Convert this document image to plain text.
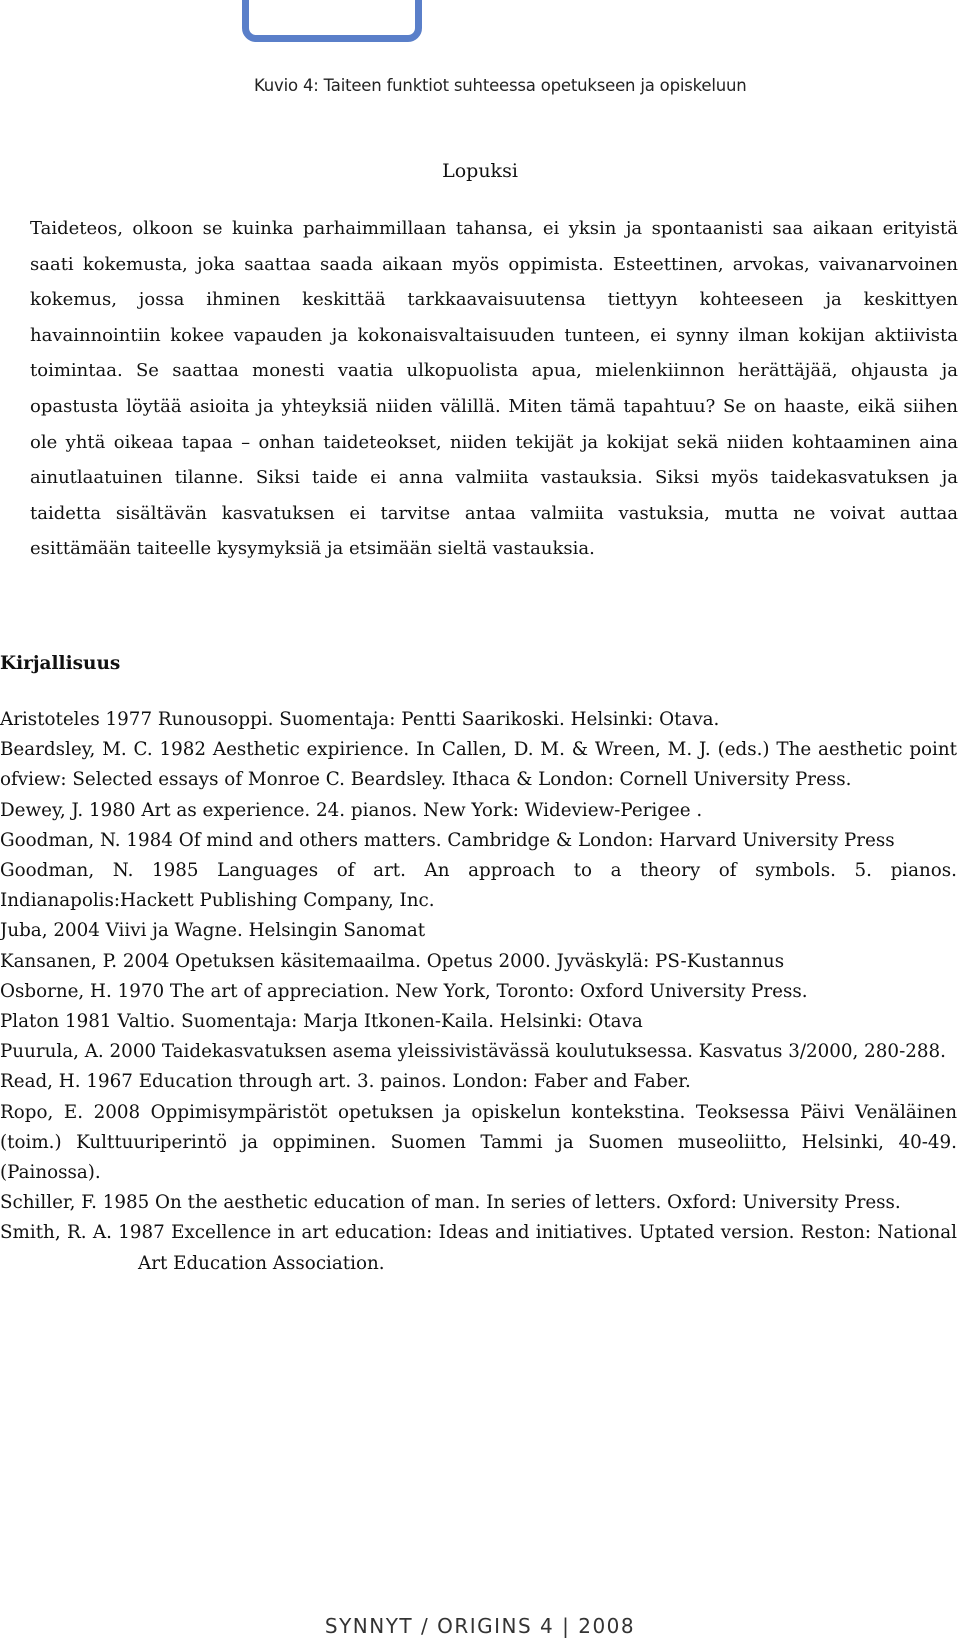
Kuvio 4: Taiteen funktiot suhteessa opetukseen ja opiskeluun
Lopuksi

Taideteos, olkoon se kuinka parhaimmillaan tahansa, ei yksin ja spontaanisti saa aikaan erityistä saati kokemusta, joka saattaa saada aikaan myös oppimista. Esteettinen, arvokas, vaivanarvoinen kokemus, jossa ihminen keskittää tarkkaavaisuutensa tiettyyn kohteeseen ja keskittyen havainnointiin kokee vapauden ja kokonaisvaltaisuuden tunteen, ei synny ilman kokijan aktiivista toimintaa. Se saattaa monesti vaatia ulkopuolista apua, mielenkiinnon herättäjää, ohjausta ja opastusta löytää asioita ja yhteyksiä niiden välillä. Miten tämä tapahtuu? Se on haaste, eikä siihen ole yhtä oikeaa tapaa – onhan taideteokset, niiden tekijät ja kokijat sekä niiden kohtaaminen aina ainutlaatuinen tilanne. Siksi taide ei anna valmiita vastauksia. Siksi myös taidekasvatuksen ja taidetta sisältävän kasvatuksen ei tarvitse antaa valmiita vastuksia, mutta ne voivat auttaa esittämään taiteelle kysymyksiä ja etsimään sieltä vastauksia.

Kirjallisuus
Aristoteles 1977 Runousoppi. Suomentaja: Pentti Saarikoski. Helsinki: Otava.
Beardsley, M. C. 1982 Aesthetic expirience. In Callen, D. M. & Wreen, M. J. (eds.) The aesthetic point ofview: Selected essays of Monroe C. Beardsley. Ithaca & London: Cornell University Press.
Dewey, J. 1980 Art as experience. 24. pianos. New York: Wideview-Perigee .
Goodman, N. 1984 Of mind and others matters. Cambridge & London: Harvard University Press
Goodman, N. 1985 Languages of art. An approach to a theory of symbols. 5. pianos. Indianapolis:Hackett Publishing Company, Inc.
Juba, 2004 Viivi ja Wagne. Helsingin Sanomat
Kansanen, P. 2004 Opetuksen käsitemaailma. Opetus 2000. Jyväskylä: PS-Kustannus
Osborne, H. 1970 The art of appreciation. New York, Toronto: Oxford University Press.
Platon 1981 Valtio. Suomentaja: Marja Itkonen-Kaila. Helsinki: Otava
Puurula, A. 2000 Taidekasvatuksen asema yleissivistävässä koulutuksessa. Kasvatus 3/2000, 280-288.
Read, H. 1967 Education through art. 3. painos. London: Faber and Faber.
Ropo, E. 2008 Oppimisympäristöt opetuksen ja opiskelun kontekstina. Teoksessa Päivi Venäläinen (toim.) Kulttuuriperintö ja oppiminen. Suomen Tammi ja Suomen museoliitto, Helsinki, 40-49. (Painossa).
Schiller, F. 1985 On the aesthetic education of man. In series of letters. Oxford: University Press.
Smith, R. A. 1987 Excellence in art education: Ideas and initiatives. Uptated version. Reston: National Art Education Association.
SYNNYT / ORIGINS 4 | 2008
